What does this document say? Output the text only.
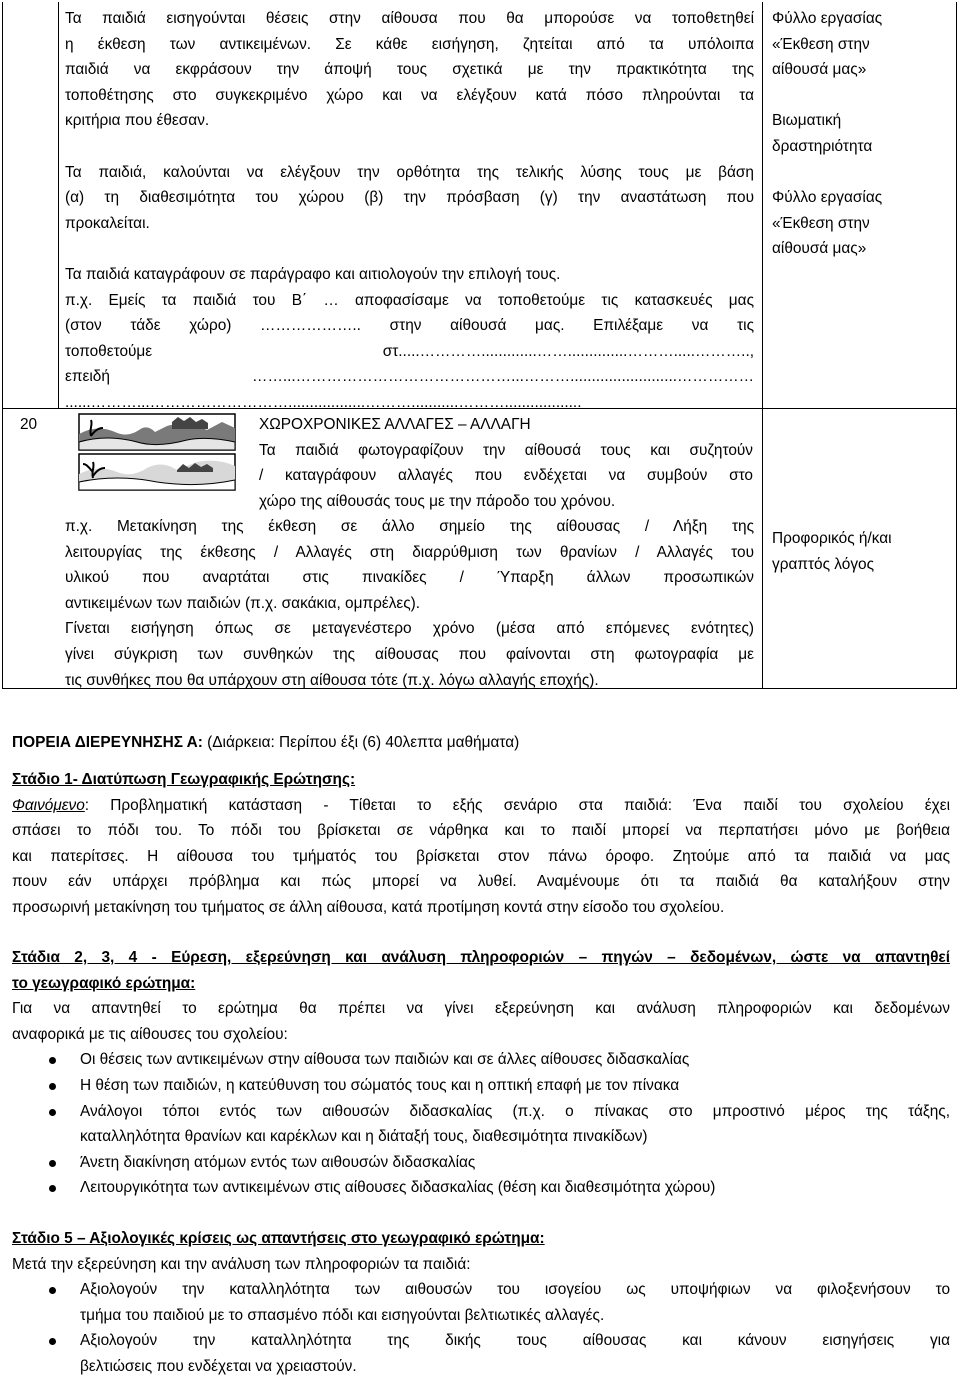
Τα παιδιά εισηγούνται θέσεις στην αίθουσα που θα μπορούσε να τοποθετηθεί

η έκθεση των αντικειμένων. Σε κάθε εισήγηση, ζητείται από τα υπόλοιπα

παιδιά να εκφράσουν την άποψή τους σχετικά με την πρακτικότητα της

τοποθέτησης στο συγκεκριμένο χώρο και να ελέγξουν κατά πόσο πληρούνται τα

κριτήρια που έθεσαν.

Τα παιδιά, καλούνται να ελέγξουν την ορθότητα της τελικής λύσης τους με βάση

(α) τη διαθεσιμότητα του χώρου (β) την πρόσβαση (γ) την αναστάτωση που

προκαλείται.

Τα παιδιά καταγράφουν σε παράγραφο και αιτιολογούν την επιλογή τους.

π.χ. Εμείς τα παιδιά του Β΄ … αποφασίσαμε να τοποθετούμε τις κατασκευές μας

(στον τάδε χώρο) ……………….. στην αίθουσά μας. Επιλέξαμε να τις

τοποθετούμε στ.....………….............……..............……….....………..,

επειδή ……...……………………………………...……….........................……………

......………...………………………..................………...........………..................

Φύλλο εργασίας

«Έκθεση στην

αίθουσά μας»

Βιωματική

δραστηριότητα

Φύλλο εργασίας

«Έκθεση στην

αίθουσά μας»

20	ΧΩΡΟΧΡΟΝΙΚΕΣ ΑΛΛΑΓΕΣ – ΑΛΛΑΓΗ

Τα παιδιά φωτογραφίζουν την αίθουσά τους και συζητούν

/ καταγράφουν αλλαγές που ενδέχεται να συμβούν στο

χώρο της αίθουσάς τους με την πάροδο του χρόνου.

π.χ. Μετακίνηση της έκθεση σε άλλο σημείο της αίθουσας / Λήξη της

λειτουργίας της έκθεσης / Αλλαγές στη διαρρύθμιση των θρανίων / Αλλαγές του

υλικού που αναρτάται στις πινακίδες / Ύπαρξη άλλων προσωπικών

αντικειμένων των παιδιών (π.χ. σακάκια, ομπρέλες).

Γίνεται εισήγηση όπως σε μεταγενέστερο χρόνο (μέσα από επόμενες ενότητες)

γίνει σύγκριση των συνθηκών της αίθουσας που φαίνονται στη φωτογραφία με

τις συνθήκες που θα υπάρχουν στη αίθουσα τότε (π.χ. λόγω αλλαγής εποχής).

Προφορικός ή/και

γραπτός λόγος

ΠΟΡΕΙΑ ΔΙΕΡΕΥΝΗΣΗΣ Α: (Διάρκεια: Περίπου έξι (6) 40λεπτα μαθήματα)

Στάδιο 1- Διατύπωση Γεωγραφικής Ερώτησης:

Φαινόμενο: Προβληματική κατάσταση - Τίθεται το εξής σενάριο στα παιδιά: Ένα παιδί του σχολείου έχει

σπάσει το πόδι του. Το πόδι του βρίσκεται σε νάρθηκα και το παιδί μπορεί να περπατήσει μόνο με βοήθεια

και πατερίτσες. Η αίθουσα του τμήματός του βρίσκεται στον πάνω όροφο. Ζητούμε από τα παιδιά να μας

πουν εάν υπάρχει πρόβλημα και πώς μπορεί να λυθεί. Αναμένουμε ότι τα παιδιά θα καταλήξουν στην

προσωρινή μετακίνηση του τμήματος σε άλλη αίθουσα, κατά προτίμηση κοντά στην είσοδο του σχολείου.

Στάδια 2, 3, 4 - Εύρεση, εξερεύνηση και ανάλυση πληροφοριών – πηγών – δεδομένων, ώστε να απαντηθεί

το γεωγραφικό ερώτημα:

Για να απαντηθεί το ερώτημα θα πρέπει να γίνει εξερεύνηση και ανάλυση πληροφοριών και δεδομένων

αναφορικά με τις αίθουσες του σχολείου:

Οι θέσεις των αντικειμένων στην αίθουσα των παιδιών και σε άλλες αίθουσες διδασκαλίας

Η θέση των παιδιών, η κατεύθυνση του σώματός τους και η οπτική επαφή με τον πίνακα

Ανάλογοι τόποι εντός των αιθουσών διδασκαλίας (π.χ. ο πίνακας στο μπροστινό μέρος της τάξης,

καταλληλότητα θρανίων και καρέκλων και η διάταξή τους, διαθεσιμότητα πινακίδων)

Άνετη διακίνηση ατόμων εντός των αιθουσών διδασκαλίας

Λειτουργικότητα των αντικειμένων στις αίθουσες διδασκαλίας (θέση και διαθεσιμότητα χώρου)

Στάδιο 5 – Αξιολογικές κρίσεις ως απαντήσεις στο γεωγραφικό ερώτημα:

Μετά την εξερεύνηση και την ανάλυση των πληροφοριών τα παιδιά:

Αξιολογούν την καταλληλότητα των αιθουσών του ισογείου ως υποψήφιων να φιλοξενήσουν το

τμήμα του παιδιού με το σπασμένο πόδι και εισηγούνται βελτιωτικές αλλαγές.

Αξιολογούν την καταλληλότητα της δικής τους αίθουσας και κάνουν εισηγήσεις για

βελτιώσεις που ενδέχεται να χρειαστούν.
